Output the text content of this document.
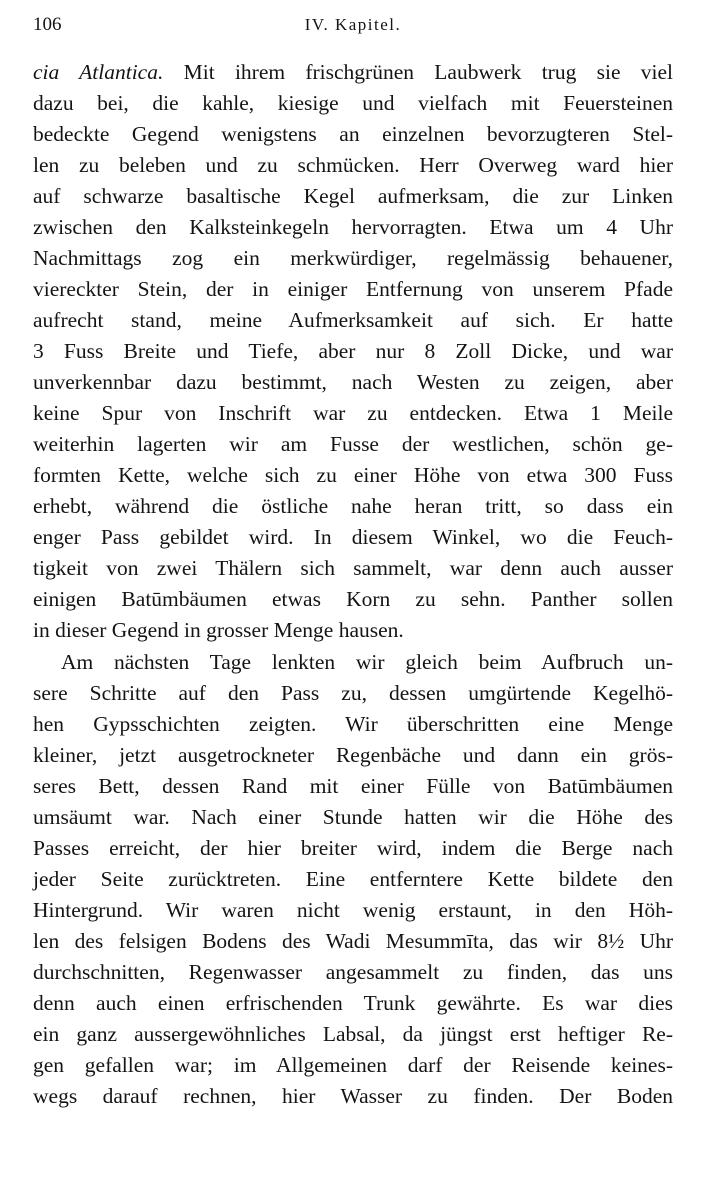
106	IV. Kapitel.
cia Atlantica. Mit ihrem frischgrünen Laubwerk trug sie viel
dazu bei, die kahle, kiesige und vielfach mit Feuersteinen
bedeckte Gegend wenigstens an einzelnen bevorzugteren Stel-
len zu beleben und zu schmücken. Herr Overweg ward hier
auf schwarze basaltische Kegel aufmerksam, die zur Linken
zwischen den Kalksteinkegeln hervorragten. Etwa um 4 Uhr
Nachmittags zog ein merkwürdiger, regelmässig behauener,
viereckter Stein, der in einiger Entfernung von unserem Pfade
aufrecht stand, meine Aufmerksamkeit auf sich. Er hatte
3 Fuss Breite und Tiefe, aber nur 8 Zoll Dicke, und war
unverkennbar dazu bestimmt, nach Westen zu zeigen, aber
keine Spur von Inschrift war zu entdecken. Etwa 1 Meile
weiterhin lagerten wir am Fusse der westlichen, schön ge-
formten Kette, welche sich zu einer Höhe von etwa 300 Fuss
erhebt, während die östliche nahe heran tritt, so dass ein
enger Pass gebildet wird. In diesem Winkel, wo die Feuch-
tigkeit von zwei Thälern sich sammelt, war denn auch ausser
einigen Batūmbäumen etwas Korn zu sehn. Panther sollen
in dieser Gegend in grosser Menge hausen.
Am nächsten Tage lenkten wir gleich beim Aufbruch un-
sere Schritte auf den Pass zu, dessen umgürtende Kegelhö-
hen Gypsschichten zeigten. Wir überschritten eine Menge
kleiner, jetzt ausgetrockneter Regenbäche und dann ein grös-
seres Bett, dessen Rand mit einer Fülle von Batūmbäumen
umsäumt war. Nach einer Stunde hatten wir die Höhe des
Passes erreicht, der hier breiter wird, indem die Berge nach
jeder Seite zurücktreten. Eine entferntere Kette bildete den
Hintergrund. Wir waren nicht wenig erstaunt, in den Höh-
len des felsigen Bodens des Wadi Mesummīta, das wir 8½ Uhr
durchschnitten, Regenwasser angesammelt zu finden, das uns
denn auch einen erfrischenden Trunk gewährte. Es war dies
ein ganz aussergewöhnliches Labsal, da jüngst erst heftiger Re-
gen gefallen war; im Allgemeinen darf der Reisende keines-
wegs darauf rechnen, hier Wasser zu finden. Der Boden
